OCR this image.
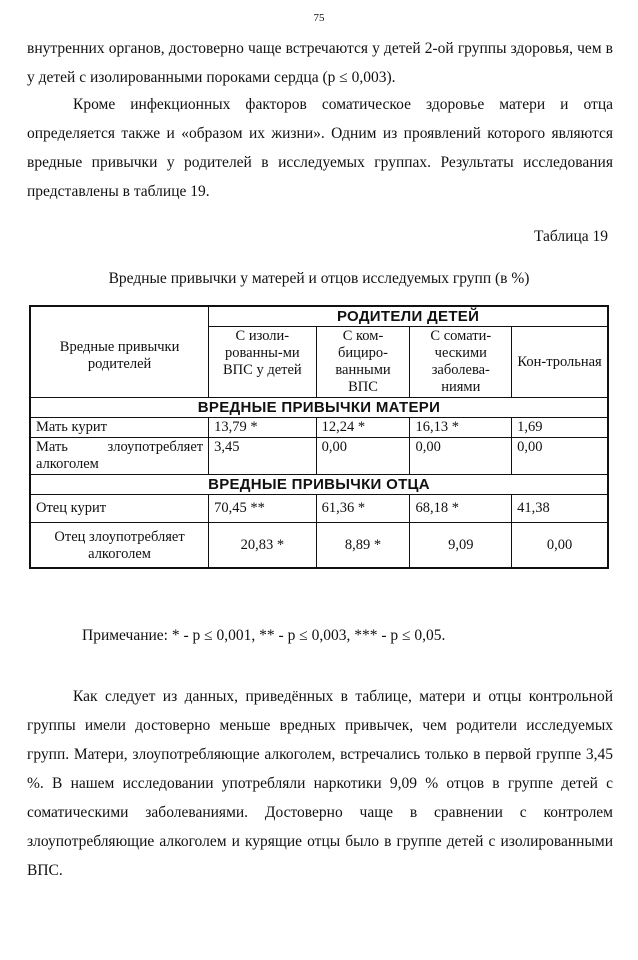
75

внутренних органов, достоверно чаще встречаются у детей 2-ой группы здоровья, чем в у детей с изолированными пороками сердца (р ≤ 0,003).

Кроме инфекционных факторов соматическое здоровье матери и отца определяется также и «образом их жизни». Одним из проявлений которого являются вредные привычки у родителей в исследуемых группах. Результаты исследования представлены в таблице 19.

Таблица 19
Вредные привычки у матерей и отцов исследуемых групп (в %)
Вредные привычки родителей	РОДИТЕЛИ ДЕТЕЙ			
	С изоли-рованны-ми ВПС у детей	С ком-бициро-ванными ВПС	С сомати-ческими заболева-ниями	Кон-трольная
ВРЕДНЫЕ ПРИВЫЧКИ МАТЕРИ				
Мать курит	13,79 *	12,24 *	16,13 *	1,69
Мать злоупотребляет алкоголем	3,45	0,00	0,00	0,00
ВРЕДНЫЕ ПРИВЫЧКИ ОТЦА				
Отец курит	70,45 **	61,36 *	68,18 *	41,38
Отец злоупотребляет алкоголем	20,83 *	8,89 *	9,09	0,00
Примечание: * - р ≤ 0,001, ** - р ≤ 0,003, *** - р ≤ 0,05.

Как следует из данных, приведённых в таблице, матери и отцы контрольной группы имели достоверно меньше вредных привычек, чем родители исследуемых групп. Матери, злоупотребляющие алкоголем, встречались только в первой группе 3,45 %. В нашем исследовании употребляли наркотики 9,09 % отцов в группе детей с соматическими заболеваниями. Достоверно чаще в сравнении с контролем злоупотребляющие алкоголем и курящие отцы было в группе детей с изолированными ВПС.
